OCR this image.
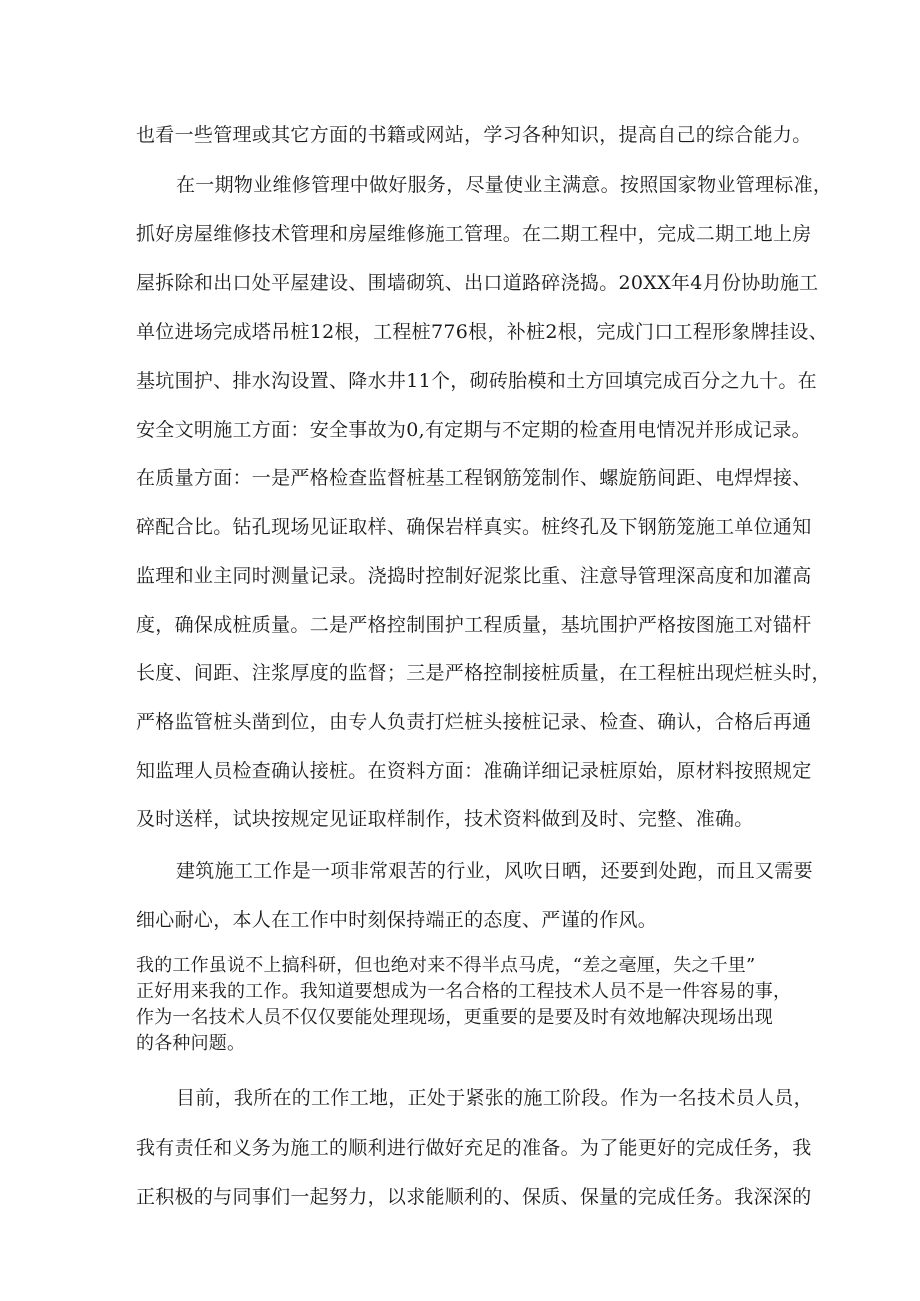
也看一些管理或其它方面的书籍或网站，学习各种知识，提高自己的综合能力。
在一期物业维修管理中做好服务，尽量使业主满意。按照国家物业管理标准，
抓好房屋维修技术管理和房屋维修施工管理。在二期工程中，完成二期工地上房
屋拆除和出口处平屋建设、围墙砌筑、出口道路碎浇捣。20XX年4月份协助施工
单位进场完成塔吊桩12根，工程桩776根，补桩2根，完成门口工程形象牌挂设、
基坑围护、排水沟设置、降水井11个，砌砖胎模和土方回填完成百分之九十。在
安全文明施工方面：安全事故为0,有定期与不定期的检查用电情况并形成记录。
在质量方面：一是严格检查监督桩基工程钢筋笼制作、螺旋筋间距、电焊焊接、
碎配合比。钻孔现场见证取样、确保岩样真实。桩终孔及下钢筋笼施工单位通知
监理和业主同时测量记录。浇捣时控制好泥浆比重、注意导管理深高度和加灌高
度，确保成桩质量。二是严格控制围护工程质量，基坑围护严格按图施工对锚杆
长度、间距、注浆厚度的监督；三是严格控制接桩质量，在工程桩出现烂桩头时，
严格监管桩头凿到位，由专人负责打烂桩头接桩记录、检查、确认，合格后再通
知监理人员检查确认接桩。在资料方面：准确详细记录桩原始，原材料按照规定
及时送样，试块按规定见证取样制作，技术资料做到及时、完整、准确。
建筑施工工作是一项非常艰苦的行业，风吹日晒，还要到处跑，而且又需要
细心耐心，本人在工作中时刻保持端正的态度、严谨的作风。
我的工作虽说不上搞科研，但也绝对来不得半点马虎，“差之毫厘，失之千里”
正好用来我的工作。我知道要想成为一名合格的工程技术人员不是一件容易的事，
作为一名技术人员不仅仅要能处理现场，更重要的是要及时有效地解决现场出现
的各种问题。
目前，我所在的工作工地，正处于紧张的施工阶段。作为一名技术员人员，
我有责任和义务为施工的顺利进行做好充足的准备。为了能更好的完成任务，我
正积极的与同事们一起努力，以求能顺利的、保质、保量的完成任务。我深深的
